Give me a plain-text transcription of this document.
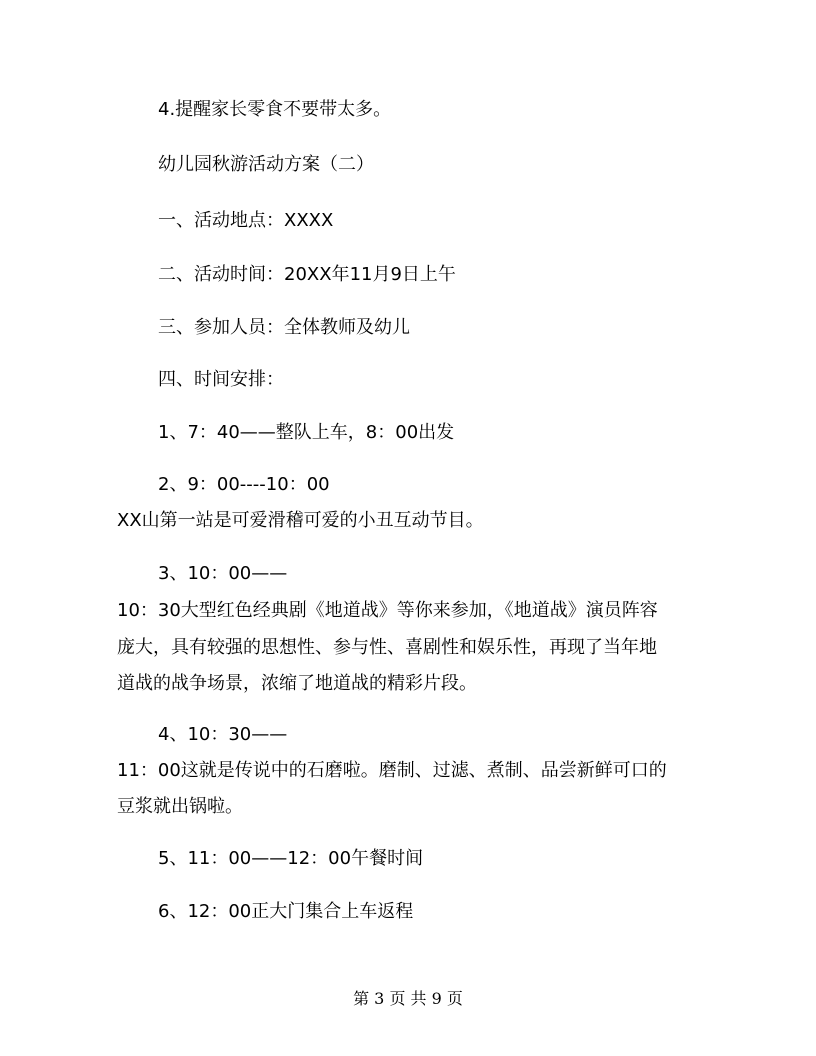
4.提醒家长零食不要带太多。

幼儿园秋游活动方案（二）

一、活动地点：XXXX

二、活动时间：20XX年11月9日上午

三、参加人员：全体教师及幼儿

四、时间安排：

1、7：40——整队上车，8：00出发

2、9：00----10：00

XX山第一站是可爱滑稽可爱的小丑互动节目。

3、10：00——

10：30大型红色经典剧《地道战》等你来参加，《地道战》演员阵容

庞大，具有较强的思想性、参与性、喜剧性和娱乐性，再现了当年地

道战的战争场景，浓缩了地道战的精彩片段。

4、10：30——

11：00这就是传说中的石磨啦。磨制、过滤、煮制、品尝新鲜可口的

豆浆就出锅啦。

5、11：00——12：00午餐时间

6、12：00正大门集合上车返程

第 3 页 共 9 页
